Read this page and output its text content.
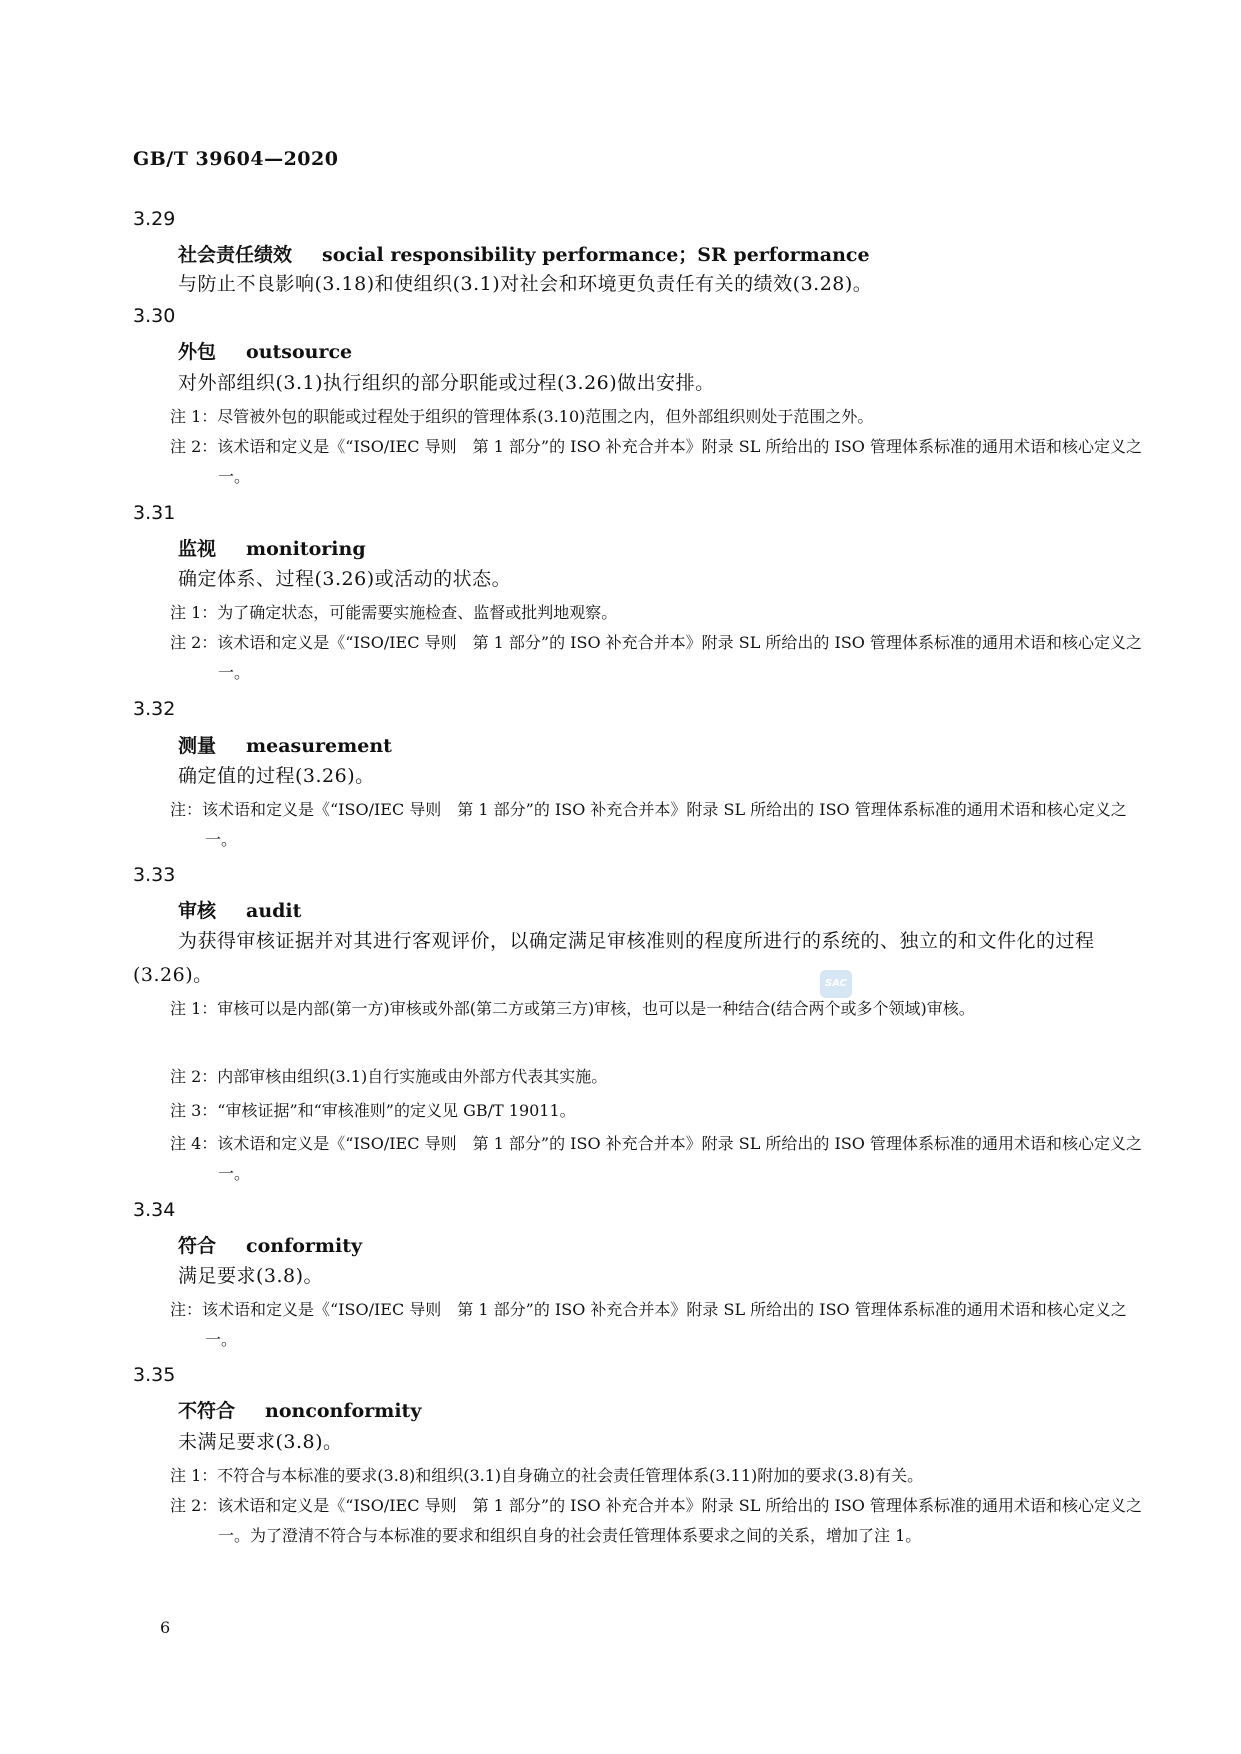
GB/T 39604—2020
3.29
社会责任绩效 social responsibility performance；SR performance
与防止不良影响(3.18)和使组织(3.1)对社会和环境更负责任有关的绩效(3.28)。
3.30
外包 outsource
对外部组织(3.1)执行组织的部分职能或过程(3.26)做出安排。
注 1：尽管被外包的职能或过程处于组织的管理体系(3.10)范围之内，但外部组织则处于范围之外。
注 2：该术语和定义是《“ISO/IEC 导则　第 1 部分”的 ISO 补充合并本》附录 SL 所给出的 ISO 管理体系标准的通用术语和核心定义之一。
3.31
监视 monitoring
确定体系、过程(3.26)或活动的状态。
注 1：为了确定状态，可能需要实施检查、监督或批判地观察。
注 2：该术语和定义是《“ISO/IEC 导则　第 1 部分”的 ISO 补充合并本》附录 SL 所给出的 ISO 管理体系标准的通用术语和核心定义之一。
3.32
测量 measurement
确定值的过程(3.26)。
注：该术语和定义是《“ISO/IEC 导则　第 1 部分”的 ISO 补充合并本》附录 SL 所给出的 ISO 管理体系标准的通用术语和核心定义之一。
3.33
审核 audit
为获得审核证据并对其进行客观评价，以确定满足审核准则的程度所进行的系统的、独立的和文件化的过程(3.26)。
注 1：审核可以是内部(第一方)审核或外部(第二方或第三方)审核，也可以是一种结合(结合两个或多个领域)审核。
注 2：内部审核由组织(3.1)自行实施或由外部方代表其实施。
注 3：“审核证据”和“审核准则”的定义见 GB/T 19011。
注 4：该术语和定义是《“ISO/IEC 导则　第 1 部分”的 ISO 补充合并本》附录 SL 所给出的 ISO 管理体系标准的通用术语和核心定义之一。
3.34
符合 conformity
满足要求(3.8)。
注：该术语和定义是《“ISO/IEC 导则　第 1 部分”的 ISO 补充合并本》附录 SL 所给出的 ISO 管理体系标准的通用术语和核心定义之一。
3.35
不符合 nonconformity
未满足要求(3.8)。
注 1：不符合与本标准的要求(3.8)和组织(3.1)自身确立的社会责任管理体系(3.11)附加的要求(3.8)有关。
注 2：该术语和定义是《“ISO/IEC 导则　第 1 部分”的 ISO 补充合并本》附录 SL 所给出的 ISO 管理体系标准的通用术语和核心定义之一。为了澄清不符合与本标准的要求和组织自身的社会责任管理体系要求之间的关系，增加了注 1。
SAC
6
